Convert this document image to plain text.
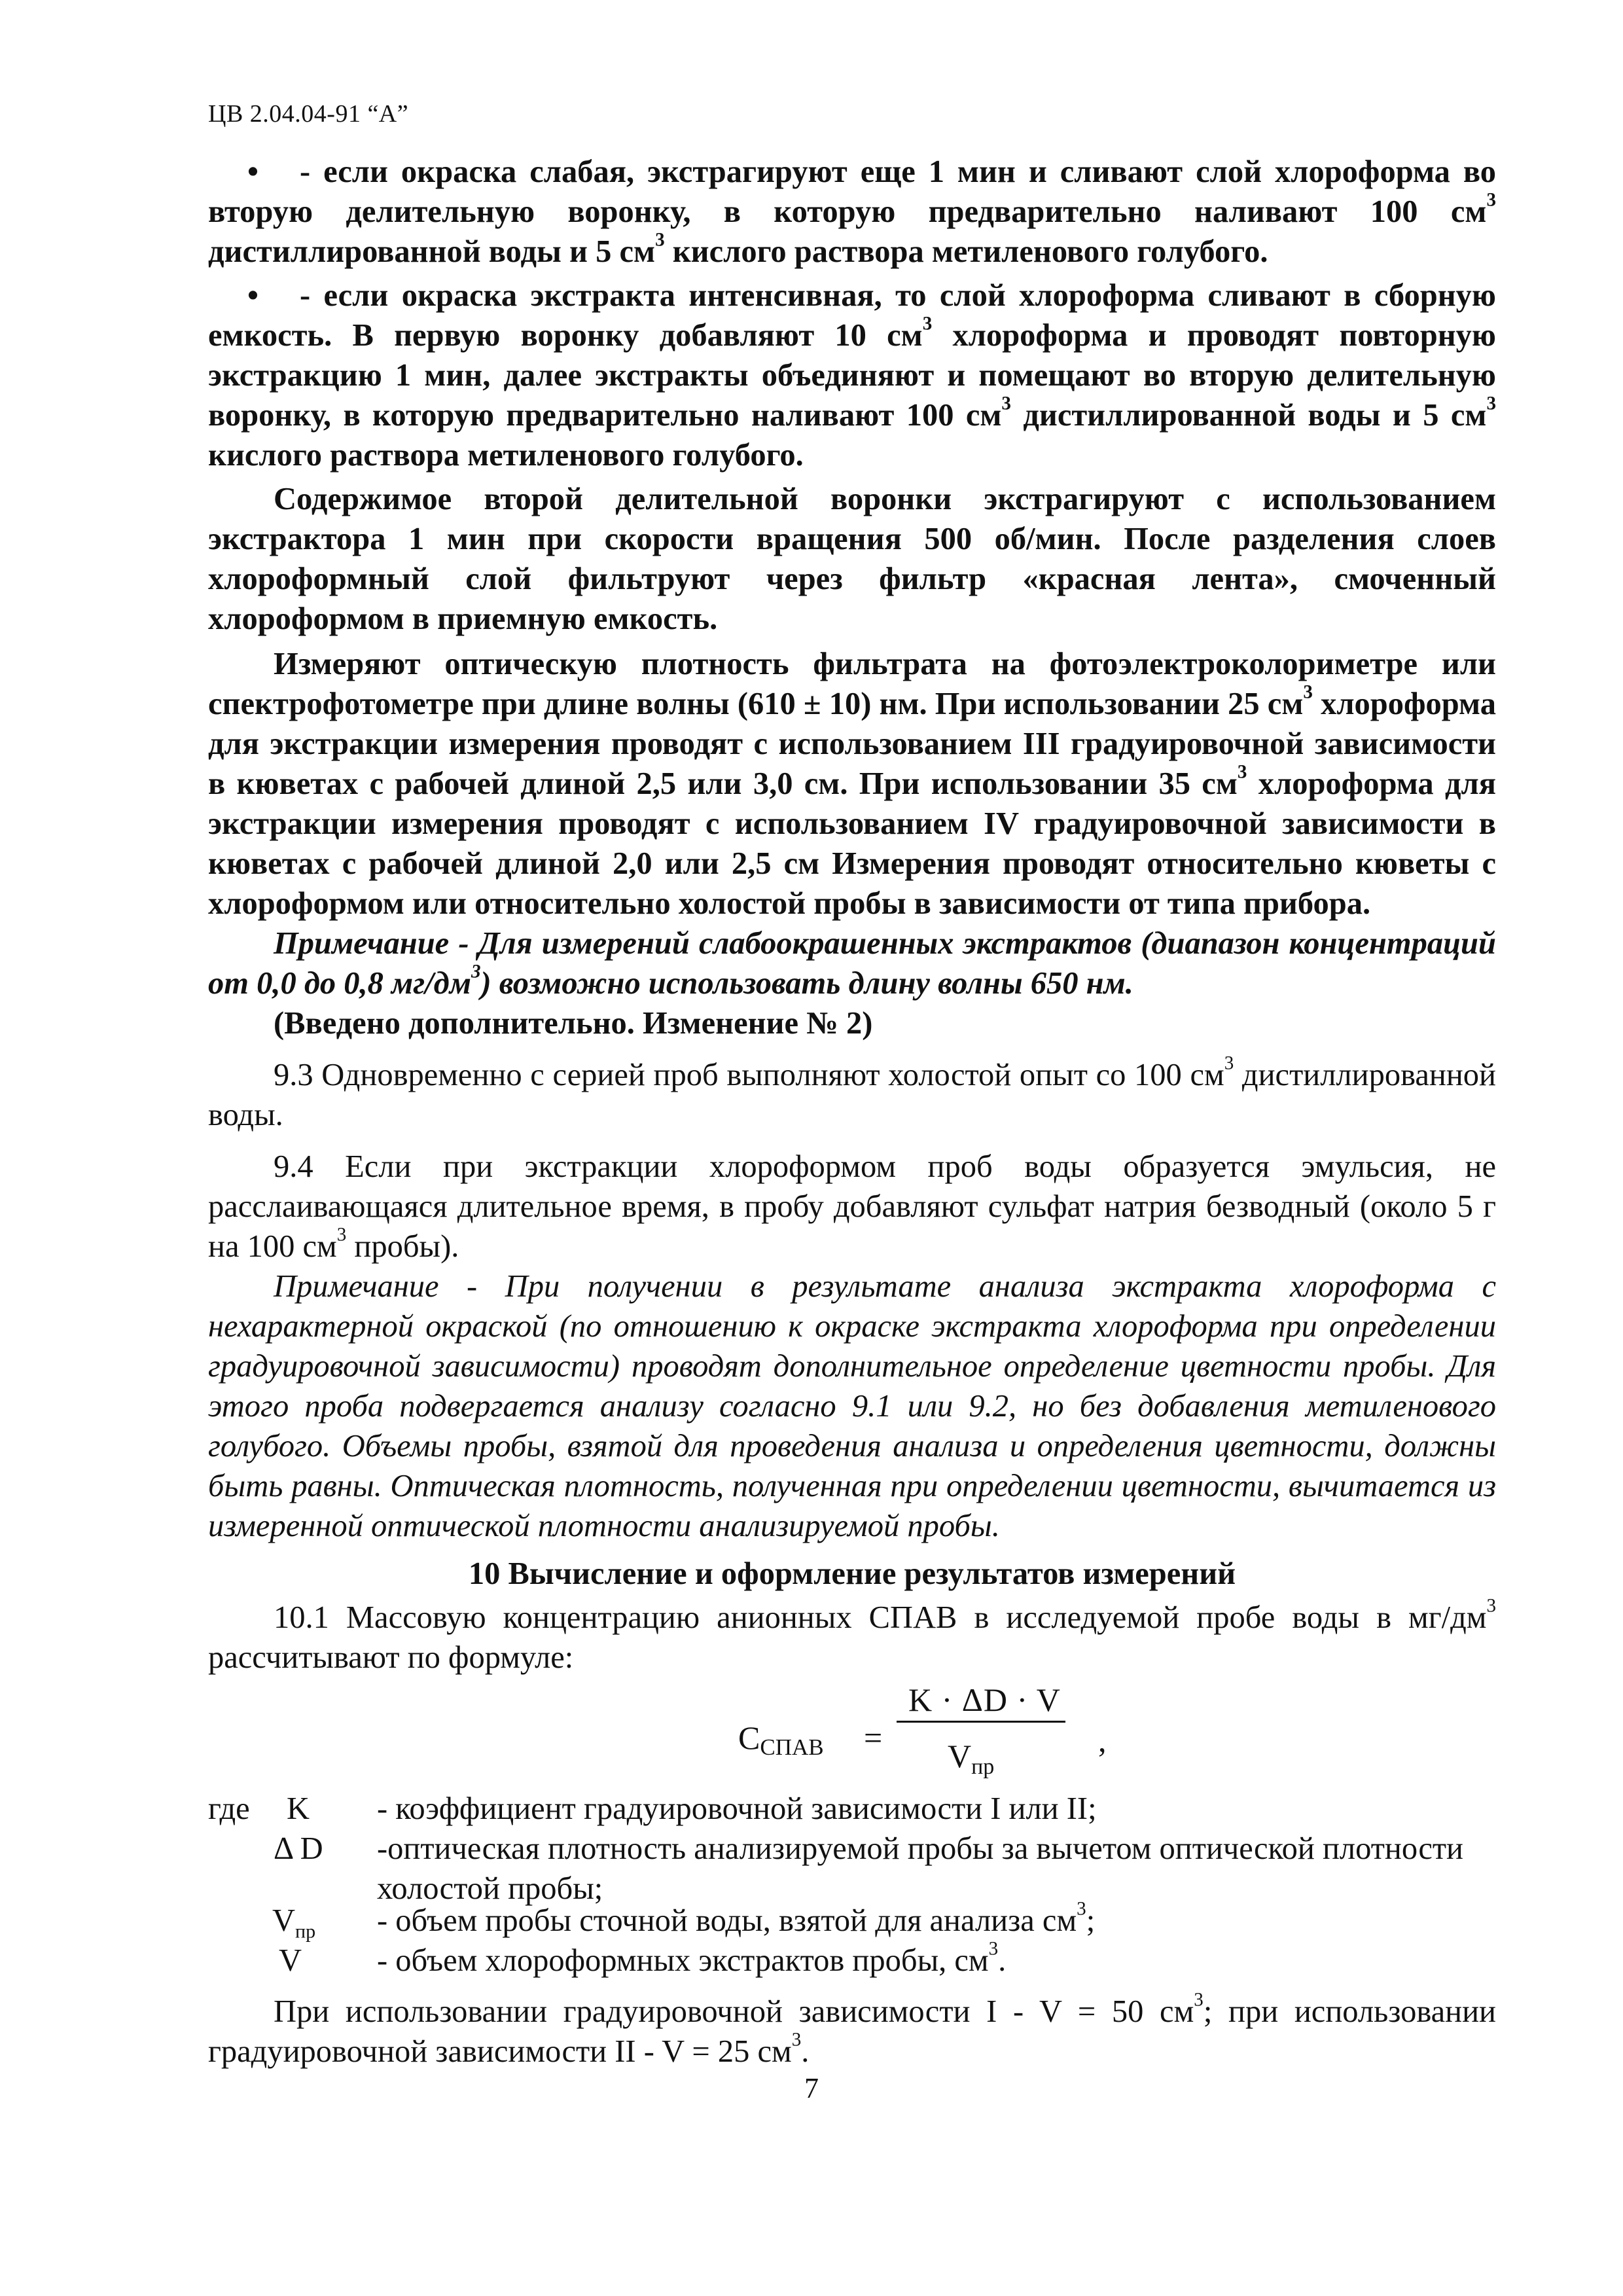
ЦВ 2.04.04-91 “А”

• - если окраска слабая, экстрагируют еще 1 мин и сливают слой хлороформа во вторую делительную воронку, в которую предварительно наливают 100 $см^3$ дистиллированной воды и 5 $см^3$ кислого раствора метиленового голубого.

• - если окраска экстракта интенсивная, то слой хлороформа сливают в сборную емкость. В первую воронку добавляют 10 $см^3$ хлороформа и проводят повторную экстракцию 1 мин, далее экстракты объединяют и помещают во вторую делительную воронку, в которую предварительно наливают 100 $см^3$ дистиллированной воды и 5 $см^3$ кислого раствора метиленового голубого.

Содержимое второй делительной воронки экстрагируют с использованием экстрактора 1 мин при скорости вращения 500 об/мин. После разделения слоев хлороформный слой фильтруют через фильтр «красная лента», смоченный хлороформом в приемную емкость.

Измеряют оптическую плотность фильтрата на фотоэлектроколориметре или спектрофотометре при длине волны (610 ± 10) нм. При использовании 25 $см^3$ хлороформа для экстракции измерения проводят с использованием III градуировочной зависимости в кюветах с рабочей длиной 2,5 или 3,0 см. При использовании 35 $см^3$ хлороформа для экстракции измерения проводят с использованием IV градуировочной зависимости в кюветах с рабочей длиной 2,0 или 2,5 см Измерения проводят относительно кюветы с хлороформом или относительно холостой пробы в зависимости от типа прибора.

Примечание - Для измерений слабоокрашенных экстрактов (диапазон концентраций от 0,0 до 0,8 $мг/дм^3$) возможно использовать длину волны 650 нм.

(Введено дополнительно. Изменение № 2)

9.3 Одновременно с серией проб выполняют холостой опыт со 100 $см^3$ дистиллированной воды.

9.4 Если при экстракции хлороформом проб воды образуется эмульсия, не расслаивающаяся длительное время, в пробу добавляют сульфат натрия безводный (около 5 г на 100 $см^3$ пробы).

Примечание - При получении в результате анализа экстракта хлороформа с нехарактерной окраской (по отношению к окраске экстракта хлороформа при определении градуировочной зависимости) проводят дополнительное определение цветности пробы. Для этого проба подвергается анализу согласно 9.1 или 9.2, но без добавления метиленового голубого. Объемы пробы, взятой для проведения анализа и определения цветности, должны быть равны. Оптическая плотность, полученная при определении цветности, вычитается из измеренной оптической плотности анализируемой пробы.

10 Вычисление и оформление результатов измерений

10.1 Массовую концентрацию анионных СПАВ в исследуемой пробе воды в $мг/дм^3$ рассчитывают по формуле:

$C_{СПАВ}$ =
K · ΔD · V
$V_{пр}$
,
где K - коэффициент градуировочной зависимости I или II;
Δ D -оптическая плотность анализируемой пробы за вычетом оптической плотности холостой пробы;
$V_{пр}$ - объем пробы сточной воды, взятой для анализа $см^3$;
V - объем хлороформных экстрактов пробы, $см^3$.

При использовании градуировочной зависимости I - V = 50 $см^3$; при использовании градуировочной зависимости II - V = 25 $см^3$.

7
